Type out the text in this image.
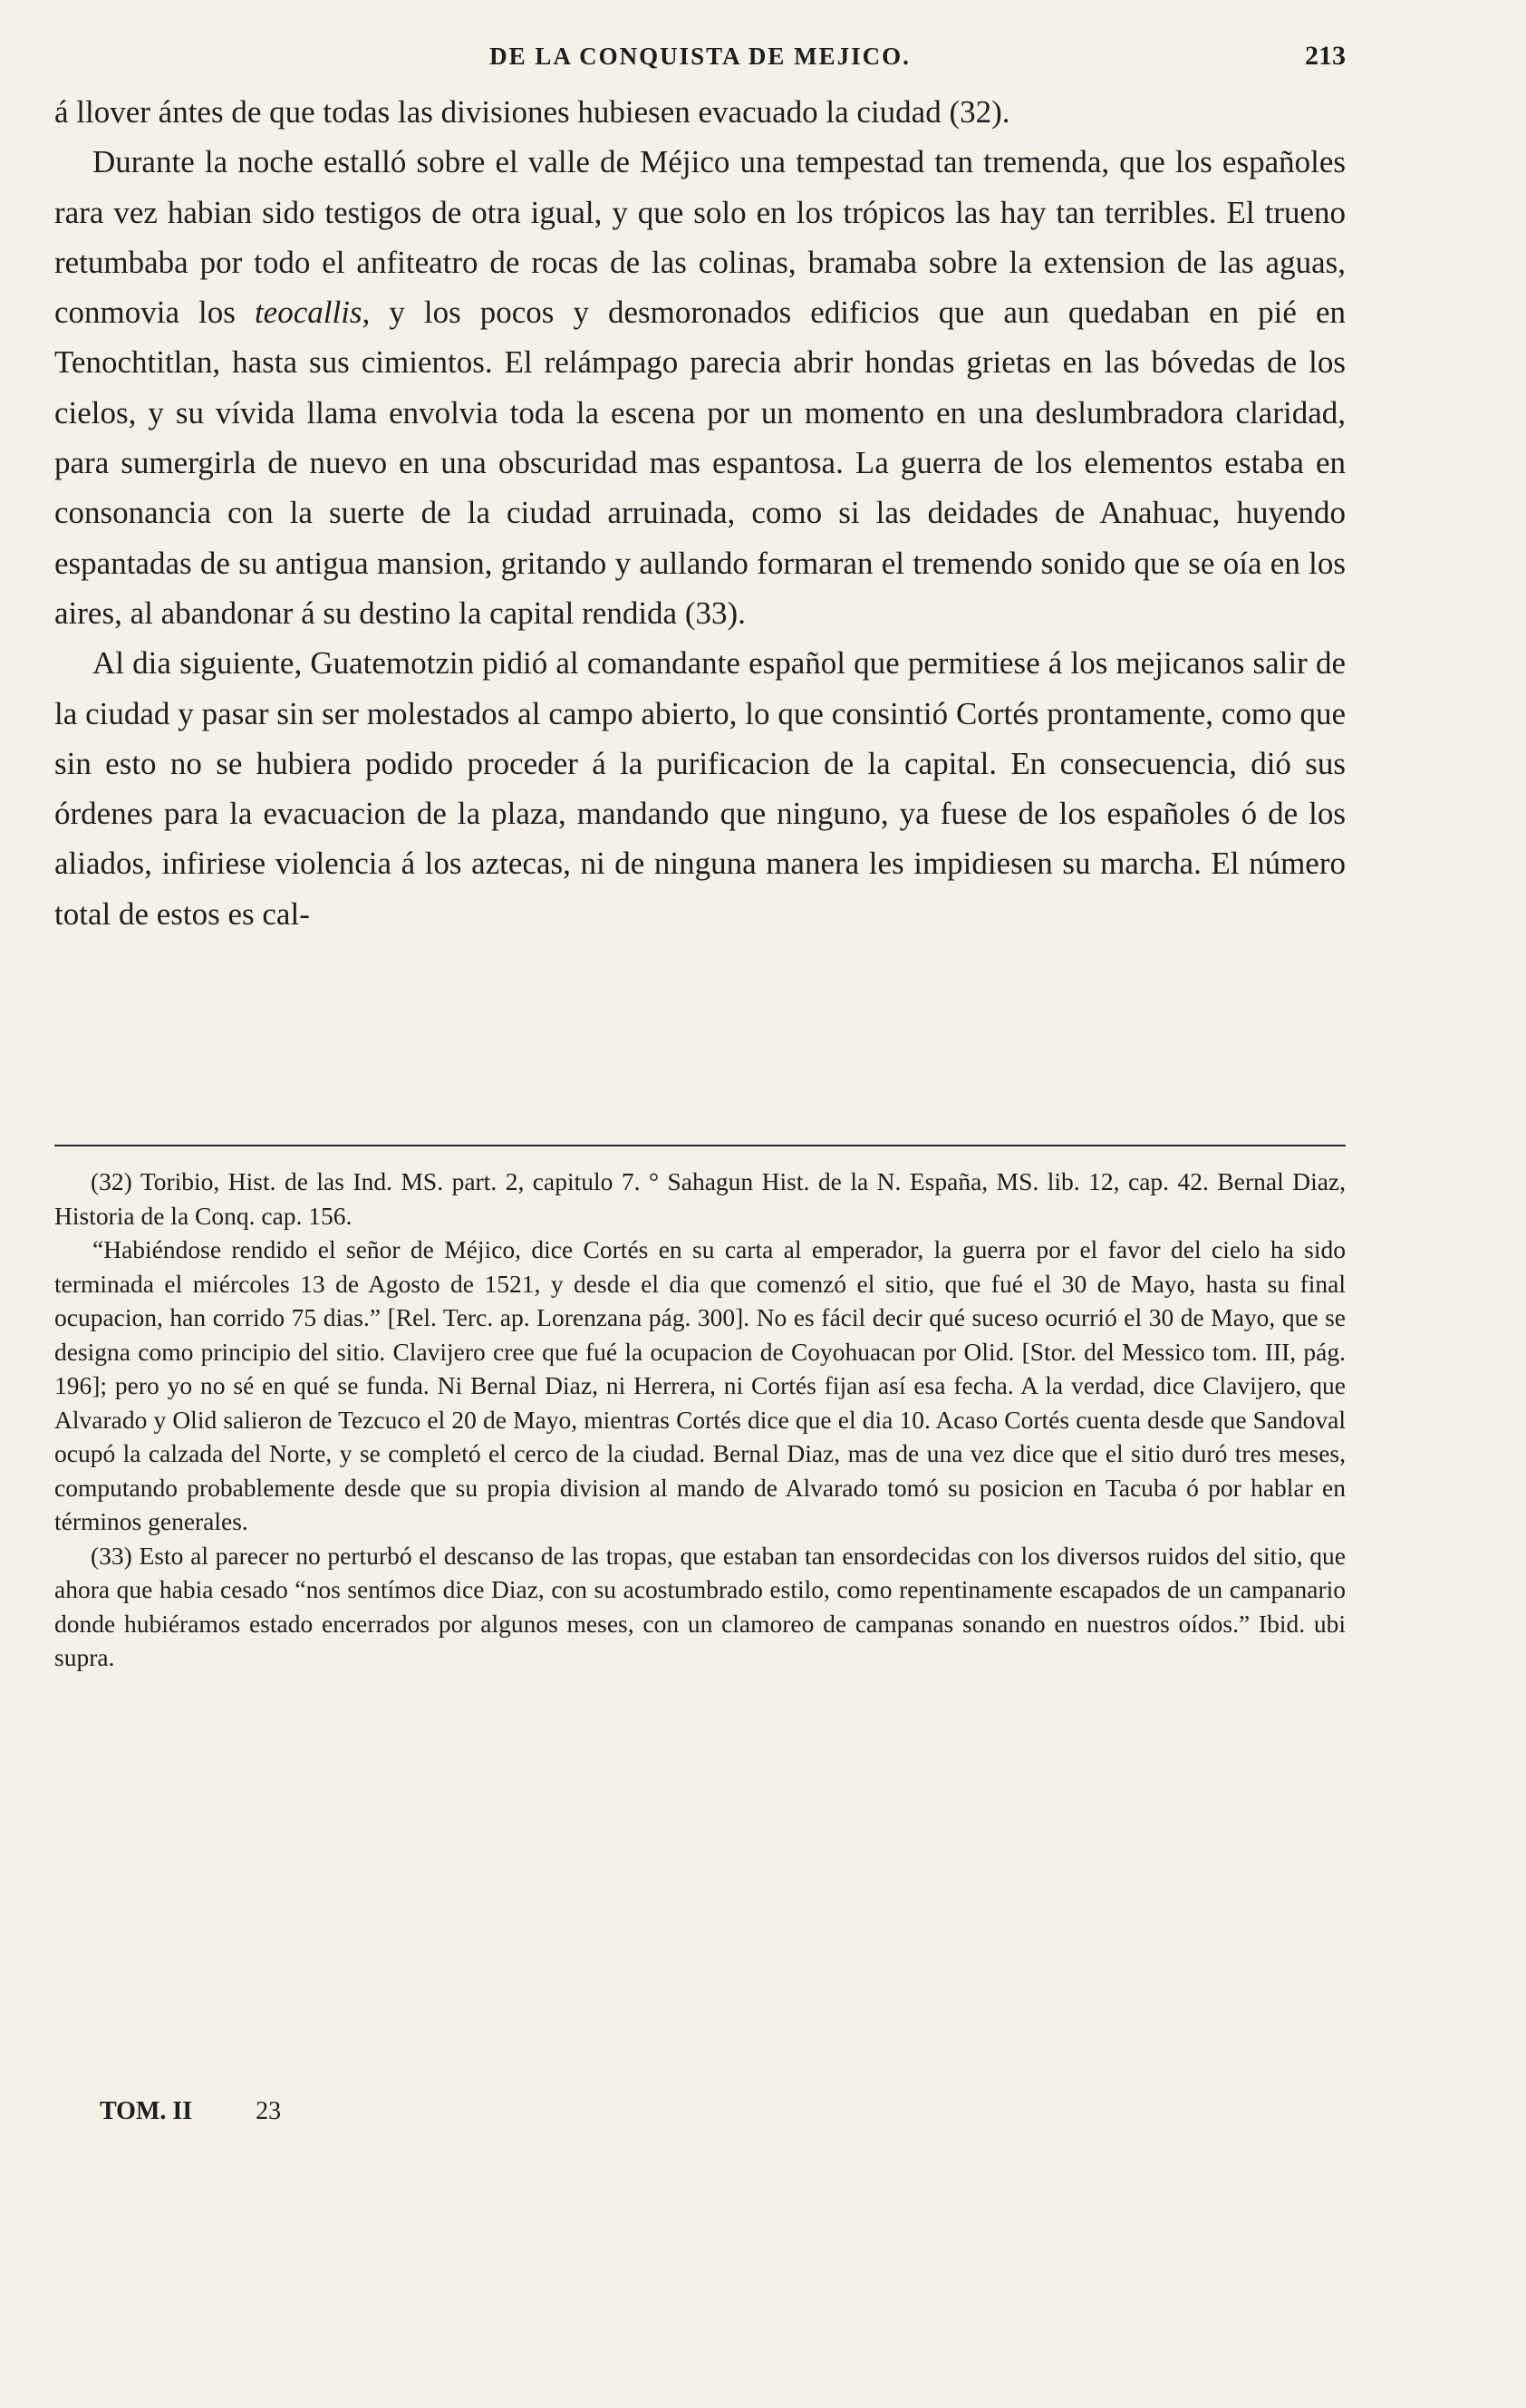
DE LA CONQUISTA DE MEJICO.	213

á llover ántes de que todas las divisiones hubiesen evacuado la ciudad (32).

Durante la noche estalló sobre el valle de Méjico una tempestad tan tremenda, que los españoles rara vez habian sido testigos de otra igual, y que solo en los trópicos las hay tan terribles. El trueno retumbaba por todo el anfiteatro de rocas de las colinas, bramaba sobre la extension de las aguas, conmovia los teocallis, y los pocos y desmoronados edificios que aun quedaban en pié en Tenochtitlan, hasta sus cimientos. El relámpago parecia abrir hondas grietas en las bóvedas de los cielos, y su vívida llama envolvia toda la escena por un momento en una deslumbradora claridad, para sumergirla de nuevo en una obscuridad mas espantosa. La guerra de los elementos estaba en consonancia con la suerte de la ciudad arruinada, como si las deidades de Anahuac, huyendo espantadas de su antigua mansion, gritando y aullando formaran el tremendo sonido que se oía en los aires, al abandonar á su destino la capital rendida (33).

Al dia siguiente, Guatemotzin pidió al comandante español que permitiese á los mejicanos salir de la ciudad y pasar sin ser molestados al campo abierto, lo que consintió Cortés prontamente, como que sin esto no se hubiera podido proceder á la purificacion de la capital. En consecuencia, dió sus órdenes para la evacuacion de la plaza, mandando que ninguno, ya fuese de los españoles ó de los aliados, infiriese violencia á los aztecas, ni de ninguna manera les impidiesen su marcha. El número total de estos es cal-

(32) Toribio, Hist. de las Ind. MS. part. 2, capitulo 7. ° Sahagun Hist. de la N. España, MS. lib. 12, cap. 42. Bernal Diaz, Historia de la Conq. cap. 156.

“Habiéndose rendido el señor de Méjico, dice Cortés en su carta al emperador, la guerra por el favor del cielo ha sido terminada el miércoles 13 de Agosto de 1521, y desde el dia que comenzó el sitio, que fué el 30 de Mayo, hasta su final ocupacion, han corrido 75 dias.” [Rel. Terc. ap. Lorenzana pág. 300]. No es fácil decir qué suceso ocurrió el 30 de Mayo, que se designa como principio del sitio. Clavijero cree que fué la ocupacion de Coyohuacan por Olid. [Stor. del Messico tom. III, pág. 196]; pero yo no sé en qué se funda. Ni Bernal Diaz, ni Herrera, ni Cortés fijan así esa fecha. A la verdad, dice Clavijero, que Alvarado y Olid salieron de Tezcuco el 20 de Mayo, mientras Cortés dice que el dia 10. Acaso Cortés cuenta desde que Sandoval ocupó la calzada del Norte, y se completó el cerco de la ciudad. Bernal Diaz, mas de una vez dice que el sitio duró tres meses, computando probablemente desde que su propia division al mando de Alvarado tomó su posicion en Tacuba ó por hablar en términos generales.

(33) Esto al parecer no perturbó el descanso de las tropas, que estaban tan ensordecidas con los diversos ruidos del sitio, que ahora que habia cesado “nos sentímos dice Diaz, con su acostumbrado estilo, como repentinamente escapados de un campanario donde hubiéramos estado encerrados por algunos meses, con un clamoreo de campanas sonando en nuestros oídos.” Ibid. ubi supra.

TOM. II	23
